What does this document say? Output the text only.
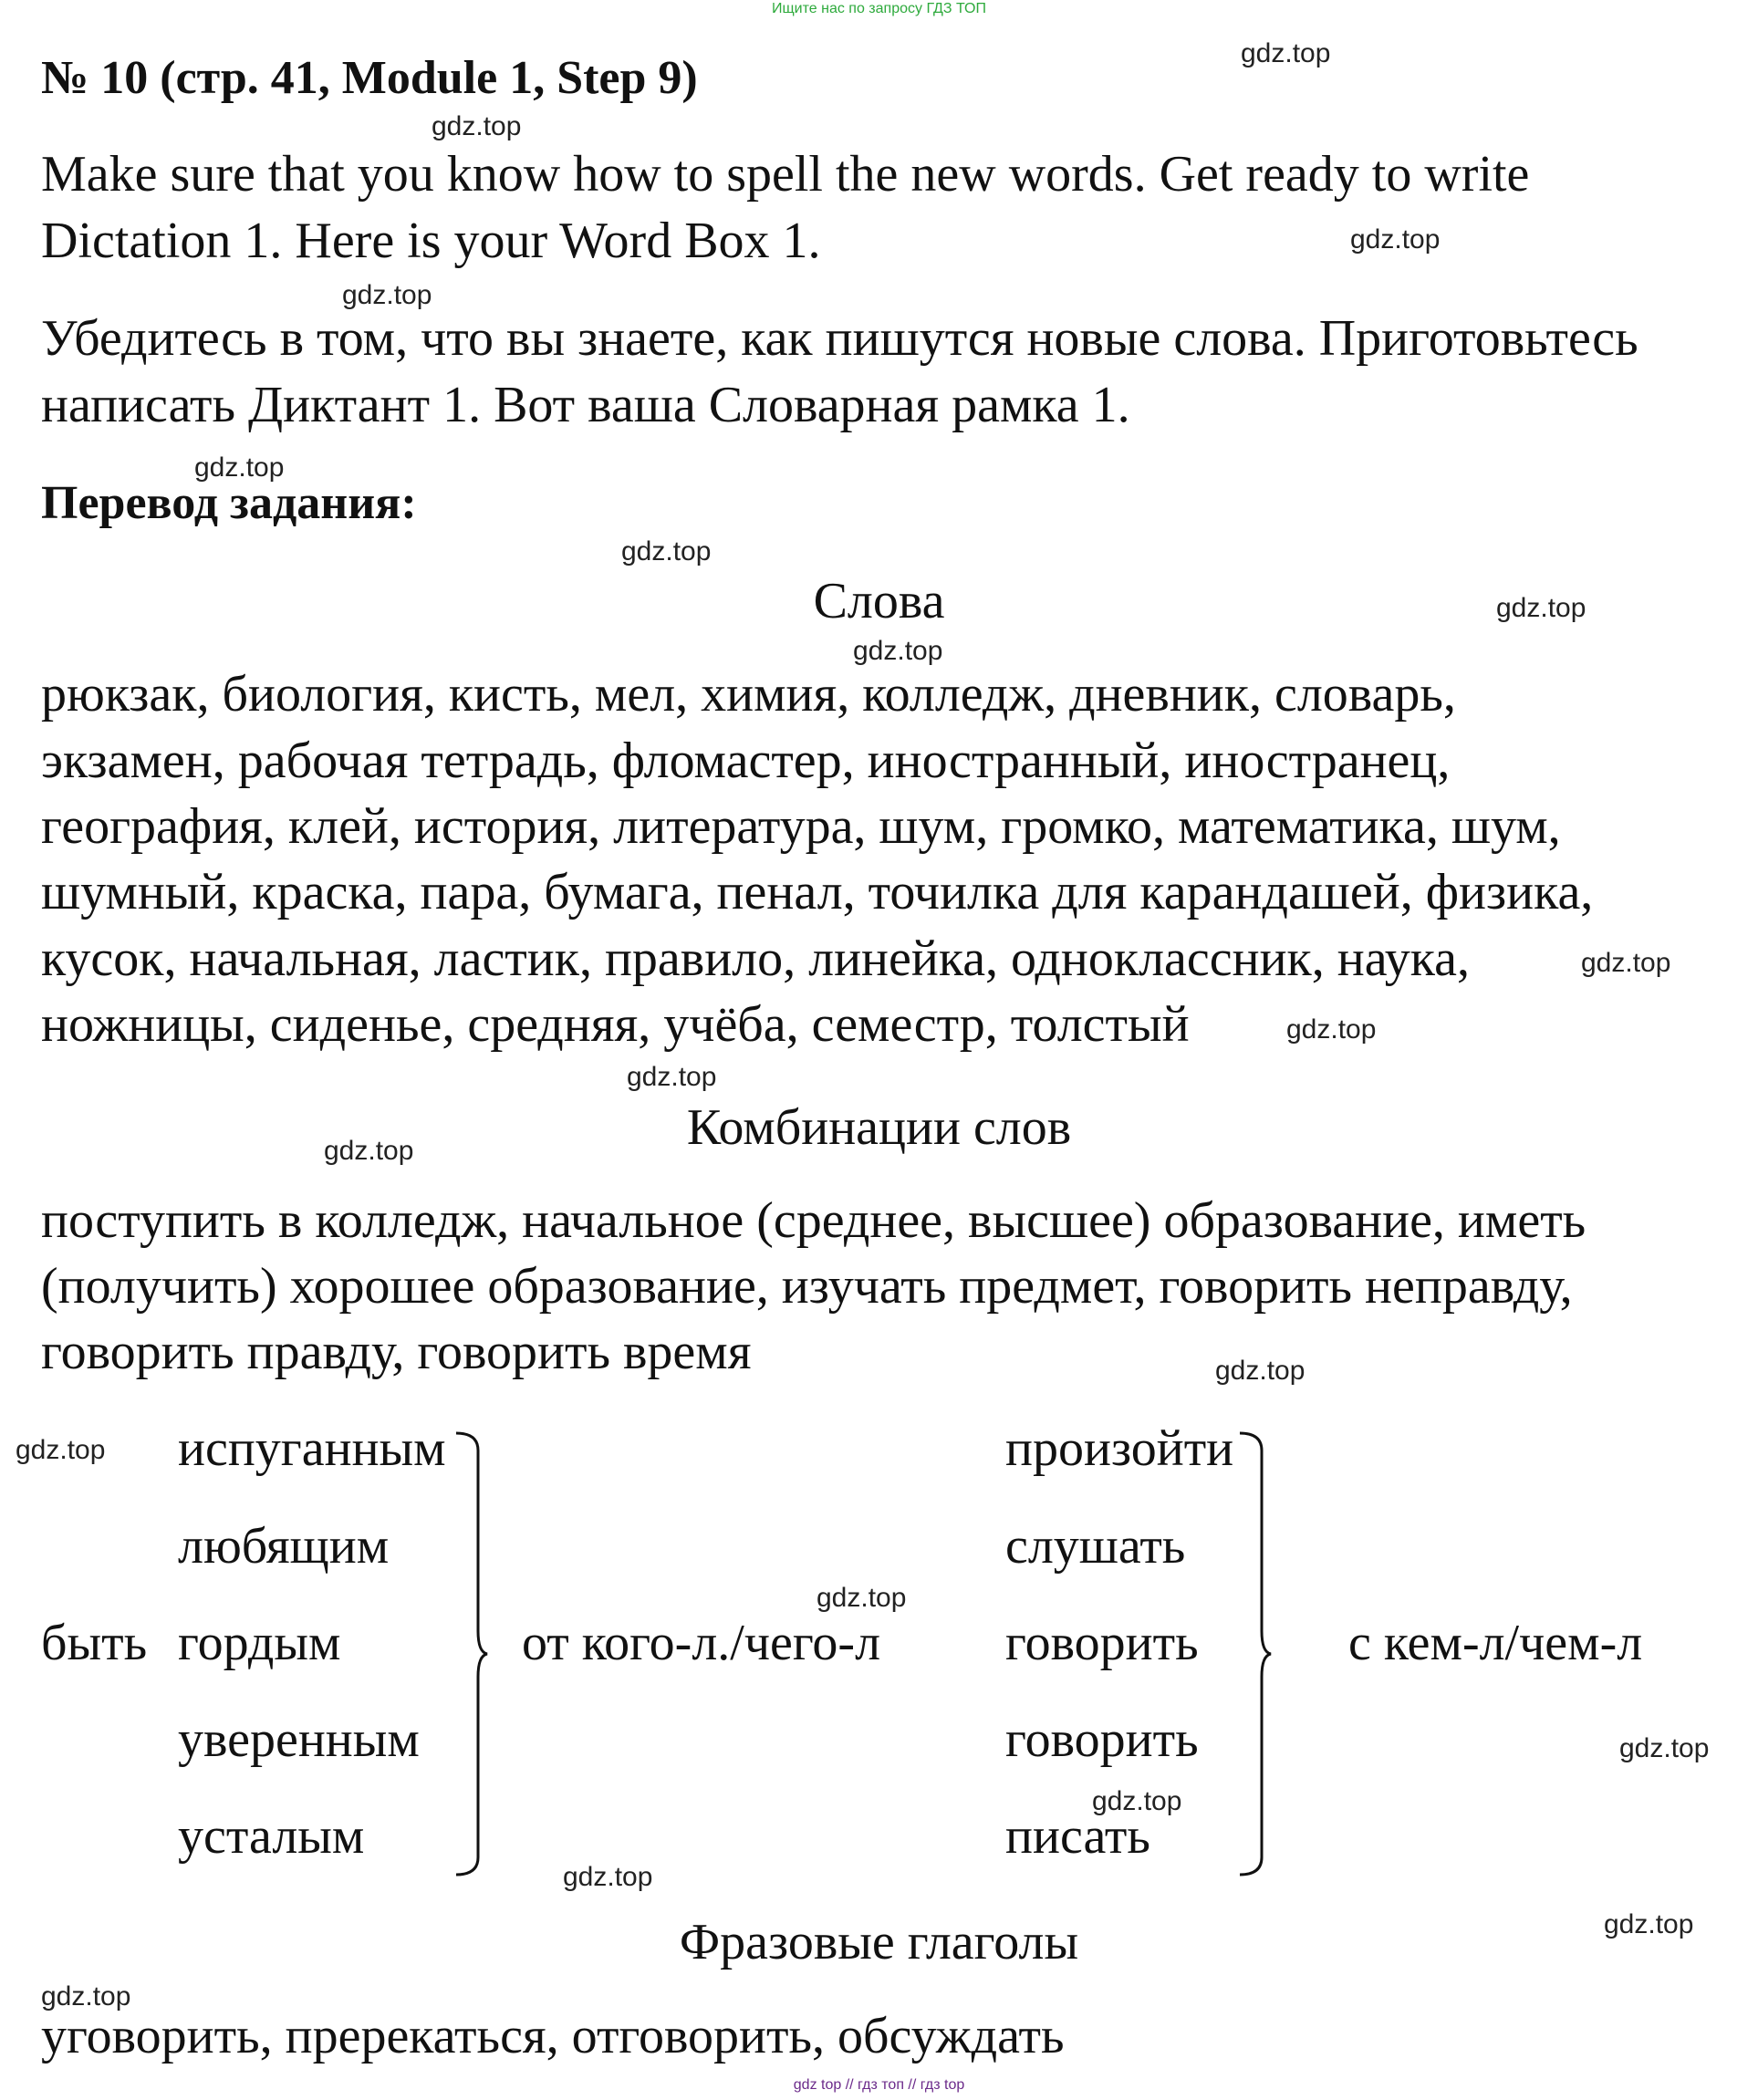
Ищите нас по запросу ГДЗ ТОП
№ 10 (стр. 41, Module 1, Step 9)
Make sure that you know how to spell the new words. Get ready to write
Dictation 1. Here is your Word Box 1.
Убедитесь в том, что вы знаете, как пишутся новые слова. Приготовьтесь
написать Диктант 1. Вот ваша Словарная рамка 1.
Перевод задания:
Слова
рюкзак, биология, кисть, мел, химия, колледж, дневник, словарь,
экзамен, рабочая тетрадь, фломастер, иностранный, иностранец,
география, клей, история, литература, шум, громко, математика, шум,
шумный, краска, пара, бумага, пенал, точилка для карандашей, физика,
кусок, начальная, ластик, правило, линейка, одноклассник, наука,
ножницы, сиденье, средняя, учёба, семестр, толстый
Комбинации слов
поступить в колледж, начальное (среднее, высшее) образование, иметь
(получить) хорошее образование, изучать предмет, говорить неправду,
говорить правду, говорить время
быть
испуганным
любящим
гордым
уверенным
усталым
от кого-л./чего-л
произойти
слушать
говорить
говорить
писать
с кем-л/чем-л
Фразовые глаголы
уговорить, пререкаться, отговорить, обсуждать
gdz.top
gdz.top
gdz.top
gdz.top
gdz.top
gdz.top
gdz.top
gdz.top
gdz.top
gdz.top
gdz.top
gdz.top
gdz.top
gdz.top
gdz.top
gdz.top
gdz.top
gdz.top
gdz.top
gdz.top
gdz top // гдз топ // гдз top
